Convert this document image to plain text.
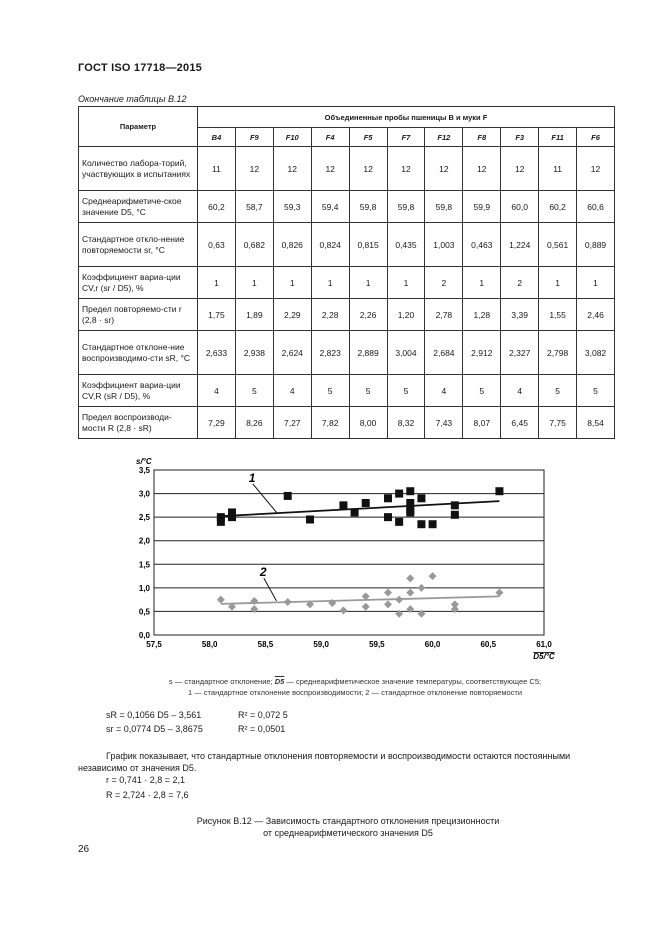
ГОСТ ISO 17718—2015
Окончание таблицы В.12
Параметр	Объединенные пробы пшеницы B и муки F										
	B4	F9	F10	F4	F5	F7	F12	F8	F3	F11	F6
Количество лабора-торий, участвующих в испытаниях	11	12	12	12	12	12	12	12	12	11	12
Среднеарифметиче-ское значение D5, °C	60,2	58,7	59,3	59,4	59,8	59,8	59,8	59,9	60,0	60,2	60,6
Стандартное откло-нение повторяемости sr, °C	0,63	0,682	0,826	0,824	0,815	0,435	1,003	0,463	1,224	0,561	0,889
Коэффициент вариа-ции CV,r (sr / D5), %	1	1	1	1	1	1	2	1	2	1	1
Предел повторяемо-сти r (2,8 · sr)	1,75	1,89	2,29	2,28	2,26	1,20	2,78	1,28	3,39	1,55	2,46
Стандартное отклоне-ние воспроизводимо-сти sR, °C	2,633	2,938	2,624	2,823	2,889	3,004	2,684	2,912	2,327	2,798	3,082
Коэффициент вариа-ции CV,R (sR / D5), %	4	5	4	5	5	5	4	5	4	5	5
Предел воспроизводи-мости R (2,8 · sR)	7,29	8,26	7,27	7,82	8,00	8,32	7,43	8,07	6,45	7,75	8,54
0,0
0,5
1,0
1,5
2,0
2,5
3,0
3,5
57,5	58,0	58,5	59,0	59,5	60,0	60,5	61,0
s/°C
D5/°C
1
2
s — стандартное отклонение; D5 — среднеарифметическое значение температуры, соответствующее C5;
1 — стандартное отклонение воспроизводимости; 2 — стандартное отклонение повторяемости
sR = 0,1056 D5 – 3,561	R² = 0,072 5
sr = 0,0774 D5 – 3,8675	R² = 0,0501
График показывает, что стандартные отклонения повторяемости и воспроизводимости остаются постоянными независимо от значения D5.
r = 0,741 · 2,8 = 2,1
R = 2,724 · 2,8 = 7,6
Рисунок В.12 — Зависимость стандартного отклонения прецизионности
от среднеарифметического значения D5
26
